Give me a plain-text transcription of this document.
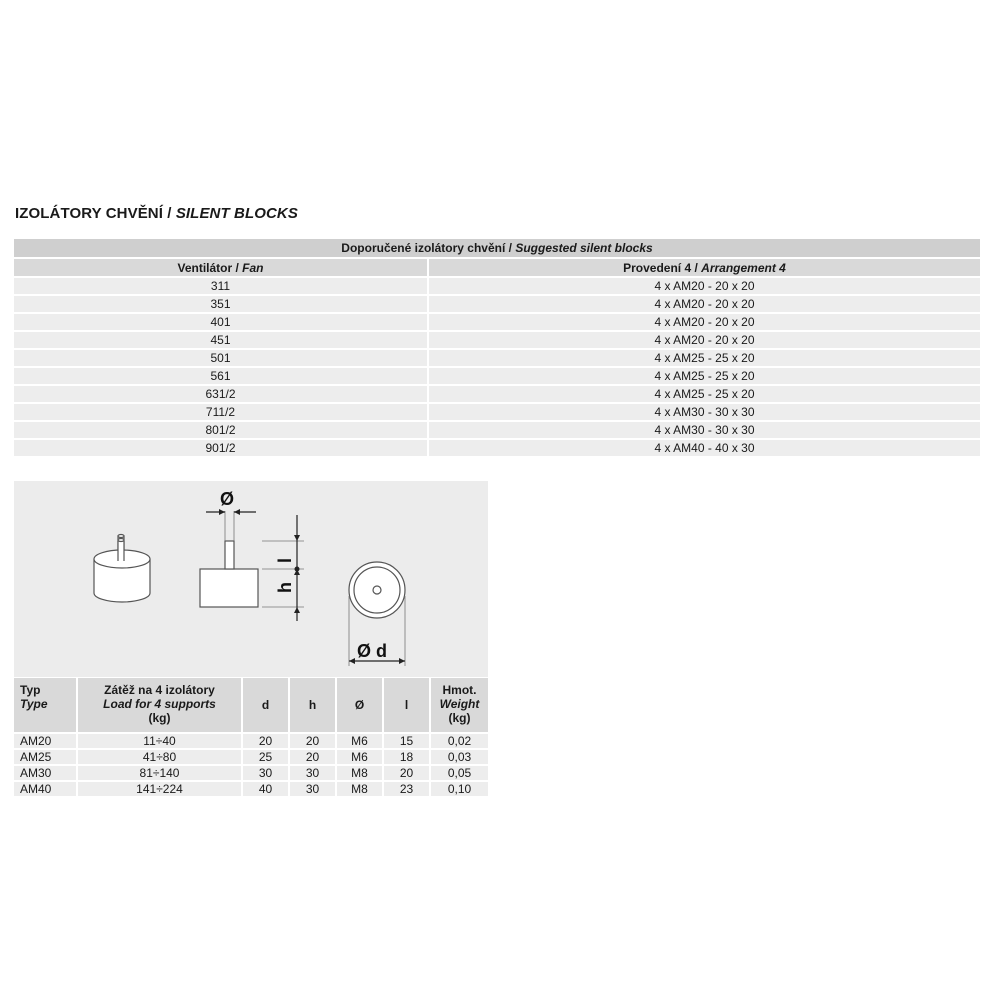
IZOLÁTORY CHVĚNÍ / SILENT BLOCKS
Doporučené izolátory chvění / Suggested silent blocks	
Ventilátor / Fan	Provedení 4 / Arrangement 4
311	4 x AM20 - 20 x 20
351	4 x AM20 - 20 x 20
401	4 x AM20 - 20 x 20
451	4 x AM20 - 20 x 20
501	4 x AM25 - 25 x 20
561	4 x AM25 - 25 x 20
631/2	4 x AM25 - 25 x 20
711/2	4 x AM30 - 30 x 30
801/2	4 x AM30 - 30 x 30
901/2	4 x AM40 - 40 x 30
Ø
h
l
Ø d
Typ
Type	Zátěž na 4 izolátory
Load for 4 supports
(kg)	d	h	Ø	l	Hmot.
Weight
(kg)

AM20	11÷40	20	20	M6	15	0,02
AM25	41÷80	25	20	M6	18	0,03
AM30	81÷140	30	30	M8	20	0,05
AM40	141÷224	40	30	M8	23	0,10
